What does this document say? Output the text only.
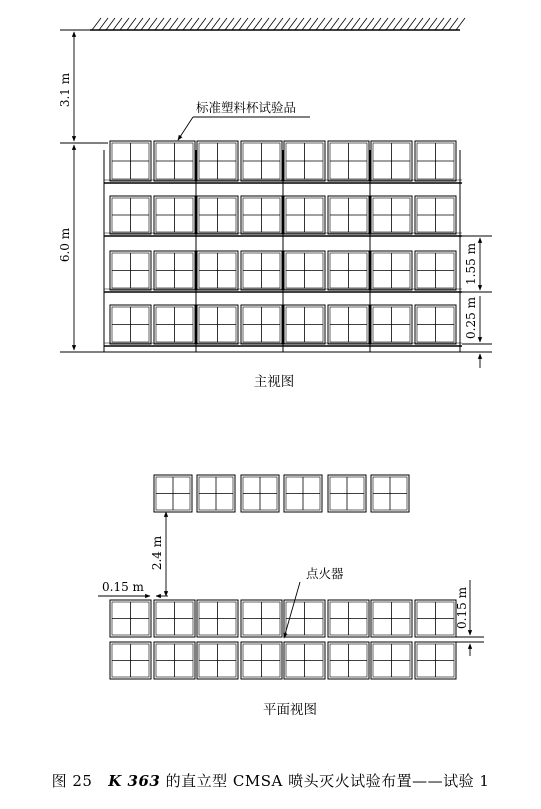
3.1 m
6.0 m	1.55 m
0.25 m
标准塑料杯试验品
主视图
2.4 m
0.15 m
0.15 m
点火器
平面视图
图 25 K 363 的直立型 CMSA 喷头灭火试验布置——试验 1
